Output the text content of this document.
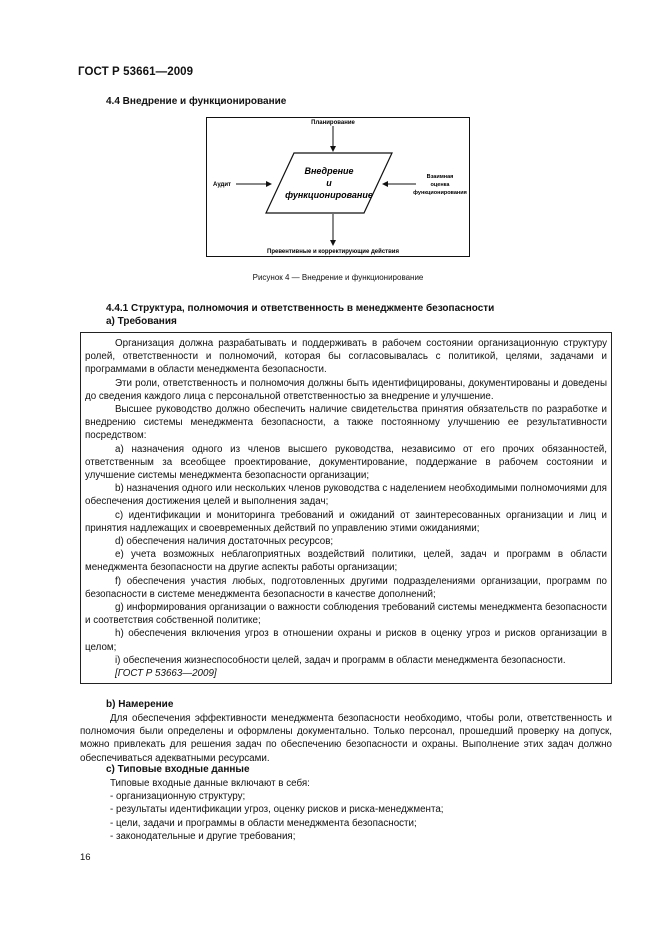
ГОСТ Р 53661—2009
4.4 Внедрение и функционирование
Планирование
Внедрение
и
функционирование
Аудит
Взаимная
оценка
функционирования
Превентивные и корректирующие действия
Рисунок 4 — Внедрение и функционирование
4.4.1 Структура, полномочия и ответственность в менеджменте безопасности
а) Требования

Организация должна разрабатывать и поддерживать в рабочем состоянии организационную структуру ролей, ответственности и полномочий, которая бы согласовывалась с политикой, целями, задачами и программами в области менеджмента безопасности.

Эти роли, ответственность и полномочия должны быть идентифицированы, документированы и доведены до сведения каждого лица с персональной ответственностью за внедрение и улучшение.

Высшее руководство должно обеспечить наличие свидетельства принятия обязательств по разработке и внедрению системы менеджмента безопасности, а также постоянному улучшению ее результативности посредством:

а) назначения одного из членов высшего руководства, независимо от его прочих обязанностей, ответственным за всеобщее проектирование, документирование, поддержание в рабочем состоянии и улучшение системы менеджмента безопасности организации;

b) назначения одного или нескольких членов руководства с наделением необходимыми полномочиями для обеспечения достижения целей и выполнения задач;

с) идентификации и мониторинга требований и ожиданий от заинтересованных организации и лиц и принятия надлежащих и своевременных действий по управлению этими ожиданиями;

d) обеспечения наличия достаточных ресурсов;

е) учета возможных неблагоприятных воздействий политики, целей, задач и программ в области менеджмента безопасности на другие аспекты работы организации;

f) обеспечения участия любых, подготовленных другими подразделениями организации, программ по безопасности в системе менеджмента безопасности в качестве дополнений;

g) информирования организации о важности соблюдения требований системы менеджмента безопасности и соответствия собственной политике;

h) обеспечения включения угроз в отношении охраны и рисков в оценку угроз и рисков организации в целом;

i) обеспечения жизнеспособности целей, задач и программ в области менеджмента безопасности.

[ГОСТ Р 53663—2009]

b) Намерение

Для обеспечения эффективности менеджмента безопасности необходимо, чтобы роли, ответственность и полномочия были определены и оформлены документально. Только персонал, прошедший проверку на допуск, можно привлекать для решения задач по обеспечению безопасности и охраны. Выполнение этих задач должно обеспечиваться адекватными ресурсами.

с) Типовые входные данные

Типовые входные данные включают в себя:

- организационную структуру;

- результаты идентификации угроз, оценку рисков и риска-менеджмента;

- цели, задачи и программы в области менеджмента безопасности;

- законодательные и другие требования;

16
